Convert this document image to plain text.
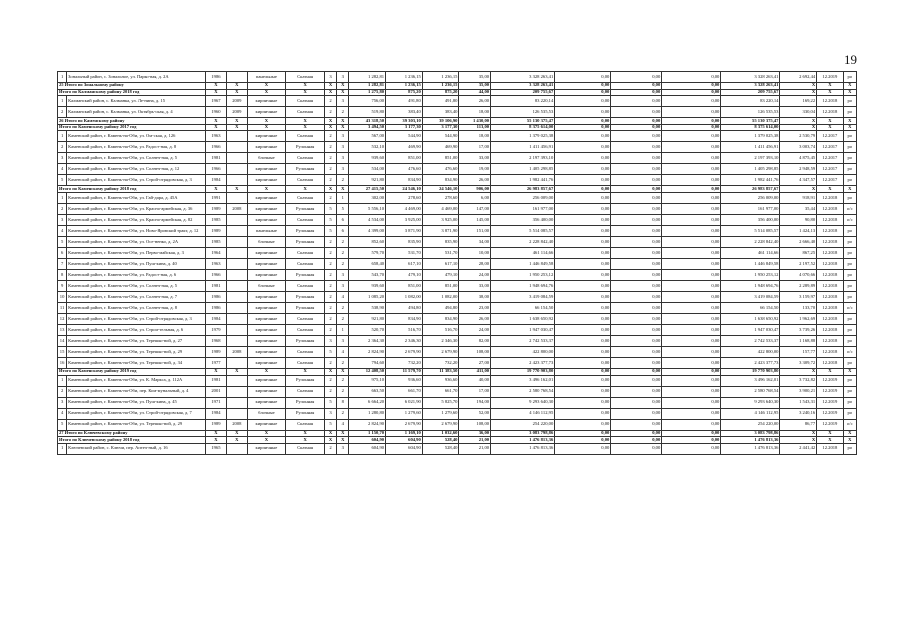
19
1	Зональный район, с. Зональное, ул. Парко-вая, д. 2А	1986		панельные	Скатная	3	3	1 282,81	1 236,15	1 236,15	35,00	3 328 263,41	0,00	0,00	0,00	3 328 263,41	2 692,44	12.2019	ро
25 Итого по Зональному району		X	X	X	X	X	X	1 282,81	1 236,15	1 236,15	35,00	3 328 263,41	0,00	0,00	0,00	3 328 263,41	X	X	X
Итого по Калманскому району 2018 год		X	X	X	X	X	X	1 275,80	875,20	875,20	44,00	209 755,67	0,00	0,00	0,00	209 755,67	X	X	X
1	Калманский район, с. Калманка, ул. Ле-нина, д. 15	1967	2009	кирпичные	Скатная	2	3	756,00	491,80	491,80	26,00	83 220,14	0,00	0,00	0,00	83 220,14	169,22	12.2018	ро
2	Калманский район, с. Калманка, ул. Октябрь-ская, д. 4	1960	2009	кирпичные	Скатная	2	2	519,80	383,40	383,40	18,00	126 535,53	0,00	0,00	0,00	126 535,53	330,04	12.2018	ро
26 Итого по Каменскому району		X	X	X	X	X	X	43 318,50	39 303,10	39 106,90	1 430,00	55 130 375,47	0,00	0,00	0,00	55 130 375,47	X	X	X
Итого по Каменскому району 2017 год		X	X	X	X	X	X	3 494,50	3 177,30	3 177,30	113,00	8 375 614,00	0,00	0,00	0,00	8 375 614,00	X	X	X
1	Каменский район, г. Камень-на-Оби, ул. Ом-ская, д. 126	1963		кирпичные	Скатная	2	3	567,00	544,90	544,90	18,00	1 379 025,38	0,00	0,00	0,00	1 379 025,38	2 530,79	12.2017	ро
2	Каменский район, г. Камень-на-Оби, ул. Радост-ная, д. 8	1966		кирпичные	Рулонная	2	3	532,10	469,90	469,90	17,00	1 411 456,91	0,00	0,00	0,00	1 411 456,91	3 003,74	12.2017	ро
3	Каменский район, г. Камень-на-Оби, ул. Солнеч-ная, д. 5	1981		блочные	Скатная	2	3	939,60	851,00	851,00	33,00	2 197 393,10	0,00	0,00	0,00	2 197 393,10	4 875,45	12.2017	ро
4	Каменский район, г. Камень-на-Оби, ул. Солнеч-ная, д. 12	1966		кирпичные	Рулонная	2	3	534,00	476,60	476,60	19,00	1 405 298,85	0,00	0,00	0,00	1 405 298,85	2 948,59	12.2017	ро
5	Каменский район, г. Камень-на-Оби, ул. Строй-отрядовская, д. 3	1984		кирпичные	Скатная	2	2	921,80	834,90	834,90	26,00	1 982 441,76	0,00	0,00	0,00	1 982 441,76	4 347,57	12.2017	ро
Итого по Каменскому району 2018 год		X	X	X	X	X	X	27 415,50	24 546,10	24 546,10	906,00	26 983 857,67	0,00	0,00	0,00	26 983 857,67	X	X	X
1	Каменский район, г. Камень-на-Оби, ул. Гай-дара, д. 45А	1991		кирпичные	Скатная	2	1	302,00	278,60	278,60	6,00	256 009,00	0,00	0,00	0,00	256 009,00	918,91	12.2018	ро
2	Каменский район, г. Камень-на-Оби, ул. Красно-армейская, д. 36	1989	2008	кирпичные	Рулонная	5	5	5 556,10	4 469,00	4 469,00	147,00	161 977,00	0,00	0,00	0,00	161 977,00	35,44	12.2018	о/с
3	Каменский район, г. Камень-на-Оби, ул. Красно-армейская, д. 82	1985		кирпичные	Скатная	5	6	4 534,00	3 925,00	3 925,00	145,00	356 400,00	0,00	0,00	0,00	356 400,00	90,80	12.2018	о/с
4	Каменский район, г. Камень-на-Оби, ул. Ново-Яровский тракт, д. 12	1989		панельные	Рулонная	5	6	4 399,00	3 871,90	3 871,90	151,00	5 514 085,57	0,00	0,00	0,00	5 514 085,57	1 424,13	12.2018	ро
5	Каменский район, г. Камень-на-Оби, ул. Осе-ненко, д. 2А	1985		блочные	Рулонная	2	2	852,60	835,90	835,90	34,00	2 228 842,40	0,00	0,00	0,00	2 228 842,40	2 666,40	12.2018	ро
6	Каменский район, г. Камень-на-Оби, ул. Перво-майская, д. 3	1964		кирпичные	Скатная	2	2	579,70	531,70	531,70	10,00	461 114,66	0,00	0,00	0,00	461 114,66	867,25	12.2018	ро
7	Каменский район, г. Камень-на-Оби, ул. Пуш-кина, д. 40	1963		кирпичные	Скатная	2	2	658,40	617,10	617,10	28,00	1 446 849,58	0,00	0,00	0,00	1 446 849,58	2 197,52	12.2018	ро
8	Каменский район, г. Камень-на-Оби, ул. Радост-ная, д. 6	1966		кирпичные	Рулонная	2	3	543,70	479,10	479,10	24,00	1 950 253,12	0,00	0,00	0,00	1 950 253,12	4 070,66	12.2018	ро
9	Каменский район, г. Камень-на-Оби, ул. Солнеч-ная, д. 5	1981		блочные	Скатная	2	3	939,60	851,00	851,00	33,00	1 948 694,76	0,00	0,00	0,00	1 948 694,76	2 289,89	12.2018	ро
10	Каменский район, г. Камень-на-Оби, ул. Солнеч-ная, д. 7	1986		кирпичные	Рулонная	2	4	1 085,20	1 082,00	1 082,00	38,00	3 419 084,59	0,00	0,00	0,00	3 419 084,59	3 159,97	12.2018	ро
11	Каменский район, г. Камень-на-Оби, ул. Солнеч-ная, д. 8	1986		кирпичные	Рулонная	2	2	538,90	494,80	494,80	23,00	66 154,50	0,00	0,00	0,00	66 154,50	133,70	12.2018	о/с
12	Каменский район, г. Камень-на-Оби, ул. Строй-отрядовская, д. 3	1984		кирпичные	Скатная	2	2	921,80	834,90	834,90	26,00	1 638 650,92	0,00	0,00	0,00	1 638 650,92	1 962,69	12.2018	ро
13	Каменский район, г. Камень-на-Оби, ул. Строи-тельная, д. 6	1979		кирпичные	Скатная	2	1	520,70	516,70	516,70	24,00	1 947 030,47	0,00	0,00	0,00	1 947 030,47	3 739,26	12.2018	ро
14	Каменский район, г. Камень-на-Оби, ул. Терешко-вой, д. 27	1968		кирпичные	Рулонная	3	3	2 364,30	2 346,30	2 346,30	82,00	2 742 533,37	0,00	0,00	0,00	2 742 533,37	1 168,88	12.2018	ро
15	Каменский район, г. Камень-на-Оби, ул. Терешко-вой, д. 29	1989	2008	кирпичные	Скатная	5	4	2 824,90	2 679,90	2 679,90	108,00	422 800,00	0,00	0,00	0,00	422 800,00	157,77	12.2018	о/с
16	Каменский район, г. Камень-на-Оби, ул. Терешко-вой, д. 34	1977		кирпичные	Скатная	2	2	794,60	732,20	732,20	27,00	2 423 377,73	0,00	0,00	0,00	2 423 377,73	3 309,72	12.2018	ро
Итого по Каменскому району 2019 год		X	X	X	X	X	X	12 408,50	11 579,70	11 383,50	411,00	19 770 903,80	0,00	0,00	0,00	19 770 903,80	X	X	X
1	Каменский район, г. Камень-на-Оби, ул. К. Маркса, д. 112А	1981		кирпичные	Рулонная	2	2	975,10	936,60	936,60	40,00	3 496 162,01	0,00	0,00	0,00	3 496 162,01	3 732,82	12.2019	ро
2	Каменский район, г. Камень-на-Оби, пер. Ком-мунальный, д. 4	2001		кирпичные	Скатная	2	2	663,50	661,70	661,70	17,00	2 580 768,54	0,00	0,00	0,00	2 580 768,54	3 900,21	12.2019	ро
3	Каменский район, г. Камень-на-Оби, ул. Пуш-кина, д. 45	1971		кирпичные	Рулонная	5	8	6 664,20	6 021,90	5 825,70	194,00	9 293 640,30	0,00	0,00	0,00	9 293 640,30	1 543,31	12.2019	ро
4	Каменский район, г. Камень-на-Оби, ул. Строй-отрядовская, д. 7	1984		блочные	Рулонная	3	2	1 280,80	1 279,60	1 279,60	52,00	4 146 112,95	0,00	0,00	0,00	4 146 112,95	3 240,16	12.2019	ро
5	Каменский район, г. Камень-на-Оби, ул. Терешко-вой, д. 29	1989	2008	кирпичные	Скатная	5	4	2 824,90	2 679,90	2 679,90	108,00	254 220,00	0,00	0,00	0,00	254 220,00	86,77	12.2019	о/с
27 Итого по Ключевскому району		X	X	X	X	X	X	1 150,70	1 169,10	1 032,60	36,00	3 083 798,86	0,00	0,00	0,00	3 083 798,86	X	X	X
Итого по Ключевскому району 2018 год		X	X	X	X	X	X	604,90	604,90	528,40	21,00	1 476 813,36	0,00	0,00	0,00	1 476 813,36	X	X	X
1	Ключевский район, с. Ключи, пер. Аптеч-ный, д. 16	1965		кирпичные	Скатная	2	3	604,90	604,90	528,40	21,00	1 476 813,36	0,00	0,00	0,00	1 476 813,36	2 441,42	12.2018	ро
